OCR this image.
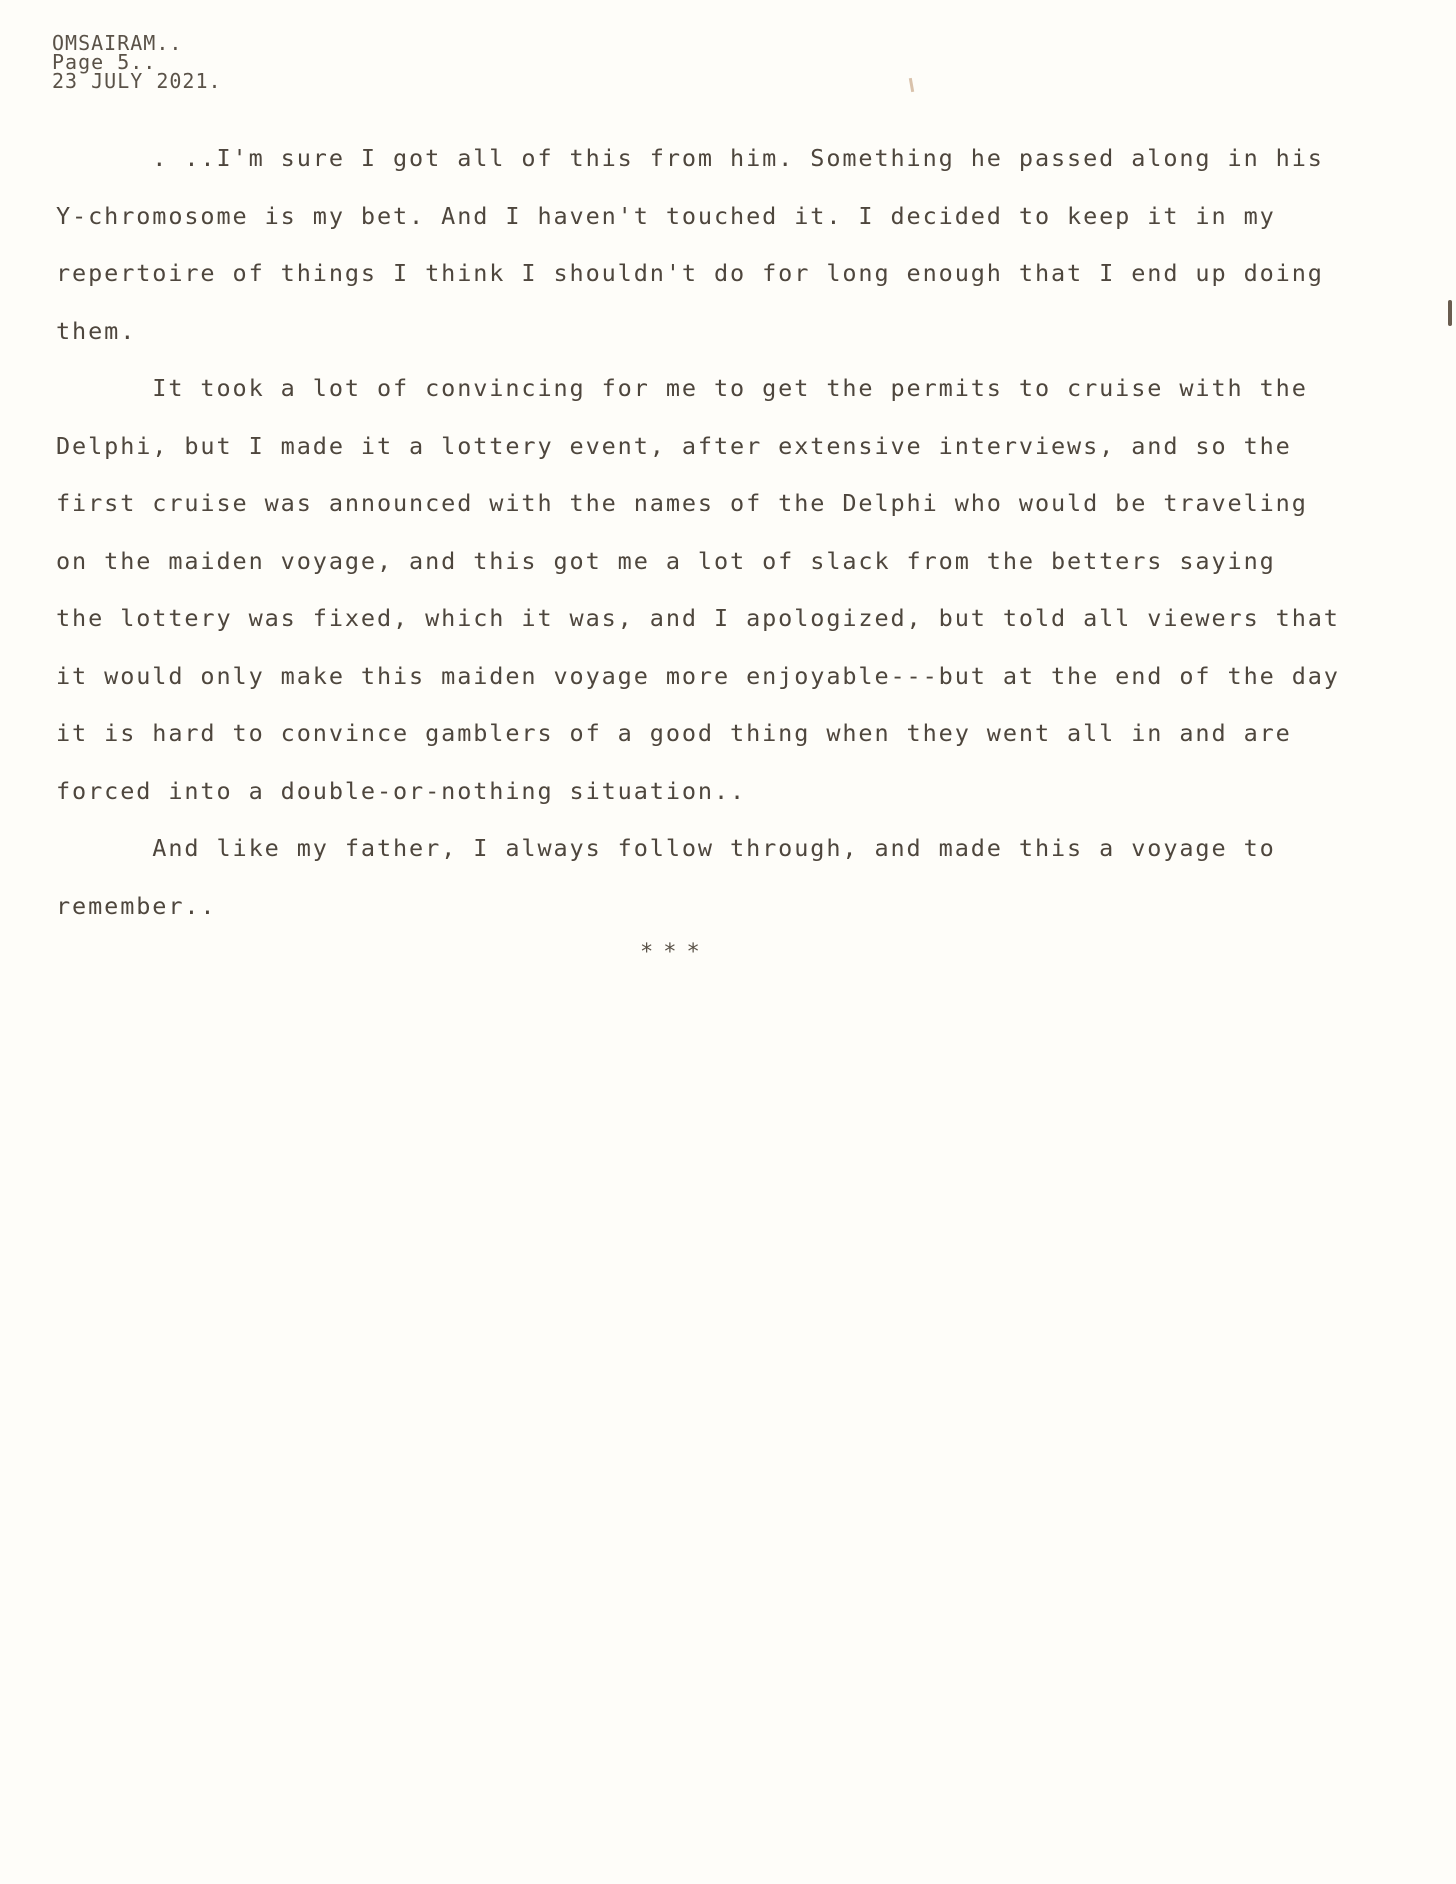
OMSAIRAM..
Page 5..
23 JULY 2021.
. ..I'm sure I got all of this from him. Something he passed along in his
Y-chromosome is my bet. And I haven't touched it. I decided to keep it in my
repertoire of things I think I shouldn't do for long enough that I end up doing
them.
It took a lot of convincing for me to get the permits to cruise with the
Delphi, but I made it a lottery event, after extensive interviews, and so the
first cruise was announced with the names of the Delphi who would be traveling
on the maiden voyage, and this got me a lot of slack from the betters saying
the lottery was fixed, which it was, and I apologized, but told all viewers that
it would only make this maiden voyage more enjoyable---but at the end of the day
it is hard to convince gamblers of a good thing when they went all in and are
forced into a double-or-nothing situation..
And like my father, I always follow through, and made this a voyage to
remember..
***
